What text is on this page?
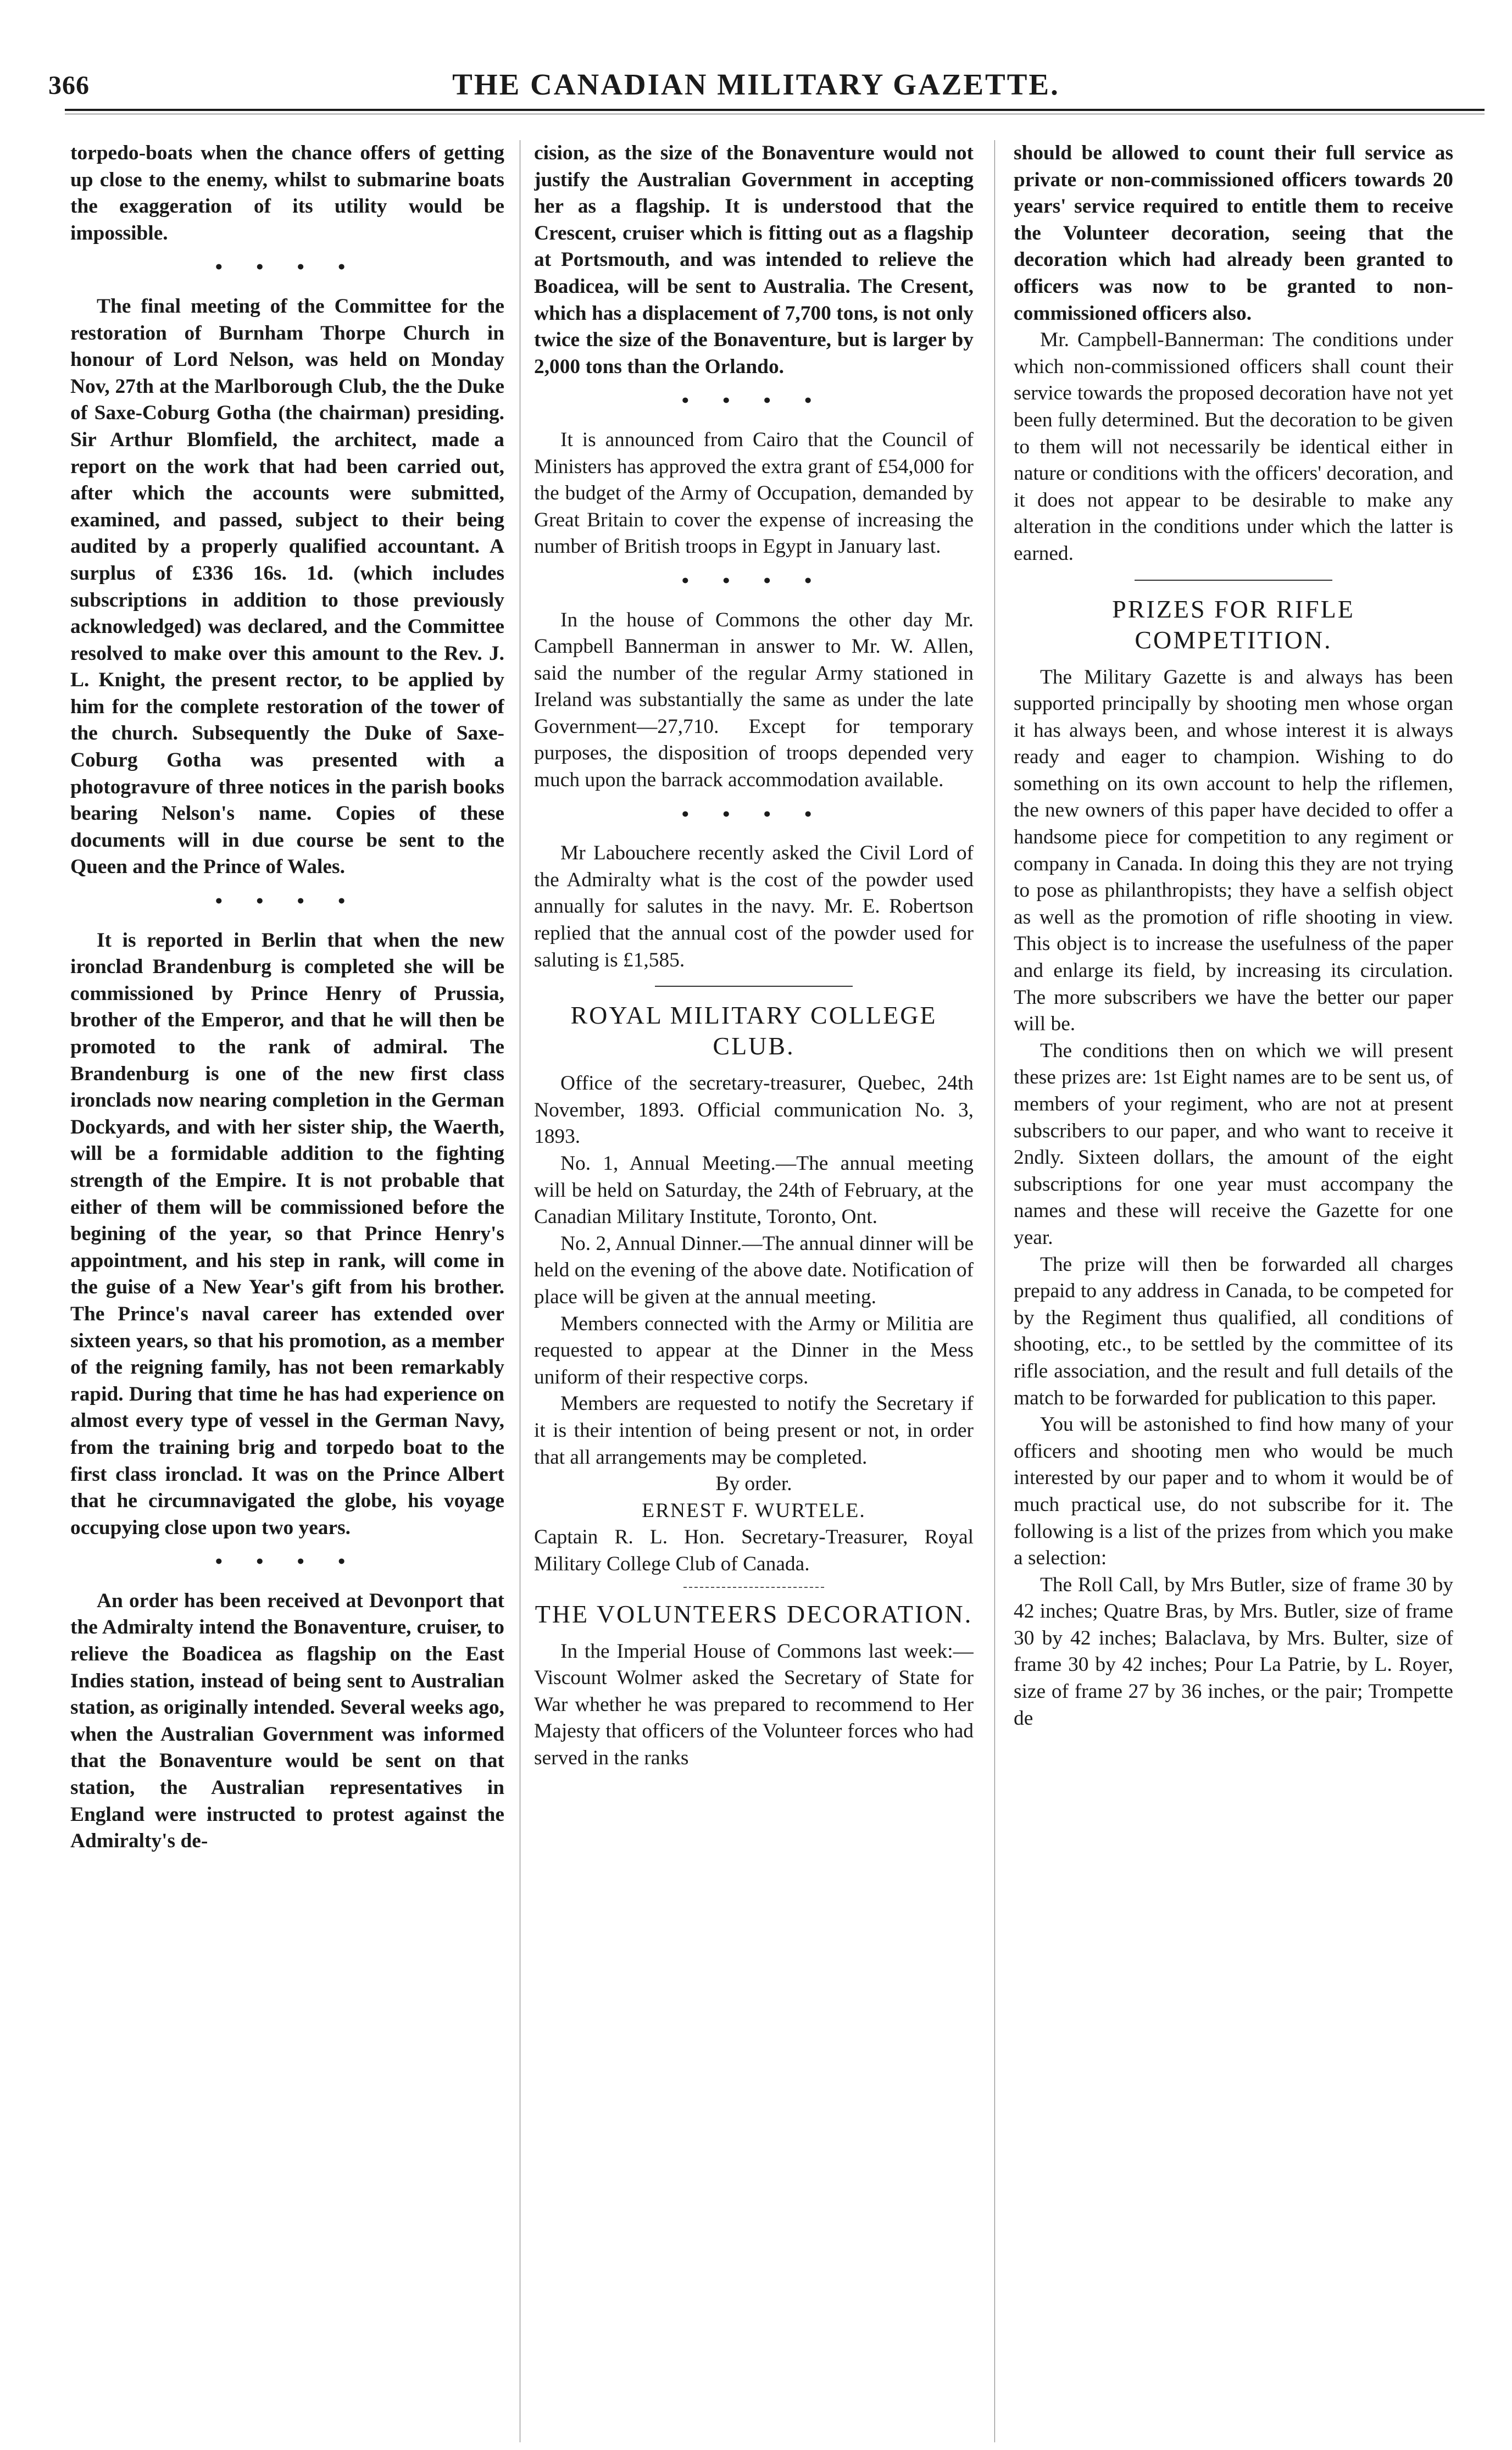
366	THE CANADIAN MILITARY GAZETTE.

torpedo-boats when the chance offers of getting up close to the enemy, whilst to submarine boats the exaggeration of its utility would be impossible.

• • • •

The final meeting of the Committee for the restoration of Burnham Thorpe Church in honour of Lord Nelson, was held on Monday Nov, 27th at the Marlborough Club, the the Duke of Saxe-Coburg Gotha (the chairman) presiding. Sir Arthur Blomfield, the architect, made a report on the work that had been carried out, after which the accounts were submitted, examined, and passed, subject to their being audited by a properly qualified accountant. A surplus of £336 16s. 1d. (which includes subscriptions in addition to those previously acknowledged) was declared, and the Committee resolved to make over this amount to the Rev. J. L. Knight, the present rector, to be applied by him for the complete restoration of the tower of the church. Subsequently the Duke of Saxe-Coburg Gotha was presented with a photogravure of three notices in the parish books bearing Nelson's name. Copies of these documents will in due course be sent to the Queen and the Prince of Wales.

• • • •

It is reported in Berlin that when the new ironclad Brandenburg is completed she will be commissioned by Prince Henry of Prussia, brother of the Emperor, and that he will then be promoted to the rank of admiral. The Brandenburg is one of the new first class ironclads now nearing completion in the German Dockyards, and with her sister ship, the Waerth, will be a formidable addition to the fighting strength of the Empire. It is not probable that either of them will be commissioned before the begining of the year, so that Prince Henry's appointment, and his step in rank, will come in the guise of a New Year's gift from his brother. The Prince's naval career has extended over sixteen years, so that his promotion, as a member of the reigning family, has not been remarkably rapid. During that time he has had experience on almost every type of vessel in the German Navy, from the training brig and torpedo boat to the first class ironclad. It was on the Prince Albert that he circumnavigated the globe, his voyage occupying close upon two years.

• • • •

An order has been received at Devonport that the Admiralty intend the Bonaventure, cruiser, to relieve the Boadicea as flagship on the East Indies station, instead of being sent to Australian station, as originally intended. Several weeks ago, when the Australian Government was informed that the Bonaventure would be sent on that station, the Australian representatives in England were instructed to protest against the Admiralty's de-

cision, as the size of the Bonaventure would not justify the Australian Government in accepting her as a flagship. It is understood that the Crescent, cruiser which is fitting out as a flagship at Portsmouth, and was intended to relieve the Boadicea, will be sent to Australia. The Cresent, which has a displacement of 7,700 tons, is not only twice the size of the Bonaventure, but is larger by 2,000 tons than the Orlando.

• • • •

It is announced from Cairo that the Council of Ministers has approved the extra grant of £54,000 for the budget of the Army of Occupation, demanded by Great Britain to cover the expense of increasing the number of British troops in Egypt in January last.

• • • •

In the house of Commons the other day Mr. Campbell Bannerman in answer to Mr. W. Allen, said the number of the regular Army stationed in Ireland was substantially the same as under the late Government—27,710. Except for temporary purposes, the disposition of troops depended very much upon the barrack accommodation available.

• • • •

Mr Labouchere recently asked the Civil Lord of the Admiralty what is the cost of the powder used annually for salutes in the navy. Mr. E. Robertson replied that the annual cost of the powder used for saluting is £1,585.

ROYAL MILITARY COLLEGE CLUB.

Office of the secretary-treasurer, Quebec, 24th November, 1893. Official communication No. 3, 1893.

No. 1, Annual Meeting.—The annual meeting will be held on Saturday, the 24th of February, at the Canadian Military Institute, Toronto, Ont.

No. 2, Annual Dinner.—The annual dinner will be held on the evening of the above date. Notification of place will be given at the annual meeting.

Members connected with the Army or Militia are requested to appear at the Dinner in the Mess uniform of their respective corps.

Members are requested to notify the Secretary if it is their intention of being present or not, in order that all arrangements may be completed.

By order.
ERNEST F. WURTELE.

Captain R. L. Hon. Secretary-Treasurer, Royal Military College Club of Canada.

THE VOLUNTEERS DECORATION.

In the Imperial House of Commons last week:—Viscount Wolmer asked the Secretary of State for War whether he was prepared to recommend to Her Majesty that officers of the Volunteer forces who had served in the ranks

should be allowed to count their full service as private or non-commissioned officers towards 20 years' service required to entitle them to receive the Volunteer decoration, seeing that the decoration which had already been granted to officers was now to be granted to non-commissioned officers also.

Mr. Campbell-Bannerman: The conditions under which non-commissioned officers shall count their service towards the proposed decoration have not yet been fully determined. But the decoration to be given to them will not necessarily be identical either in nature or conditions with the officers' decoration, and it does not appear to be desirable to make any alteration in the conditions under which the latter is earned.

PRIZES FOR RIFLE COMPETITION.

The Military Gazette is and always has been supported principally by shooting men whose organ it has always been, and whose interest it is always ready and eager to champion. Wishing to do something on its own account to help the riflemen, the new owners of this paper have decided to offer a handsome piece for competition to any regiment or company in Canada. In doing this they are not trying to pose as philanthropists; they have a selfish object as well as the promotion of rifle shooting in view. This object is to increase the usefulness of the paper and enlarge its field, by increasing its circulation. The more subscribers we have the better our paper will be.

The conditions then on which we will present these prizes are: 1st Eight names are to be sent us, of members of your regiment, who are not at present subscribers to our paper, and who want to receive it 2ndly. Sixteen dollars, the amount of the eight subscriptions for one year must accompany the names and these will receive the Gazette for one year.

The prize will then be forwarded all charges prepaid to any address in Canada, to be competed for by the Regiment thus qualified, all conditions of shooting, etc., to be settled by the committee of its rifle association, and the result and full details of the match to be forwarded for publication to this paper.

You will be astonished to find how many of your officers and shooting men who would be much interested by our paper and to whom it would be of much practical use, do not subscribe for it. The following is a list of the prizes from which you make a selection:

The Roll Call, by Mrs Butler, size of frame 30 by 42 inches; Quatre Bras, by Mrs. Butler, size of frame 30 by 42 inches; Balaclava, by Mrs. Bulter, size of frame 30 by 42 inches; Pour La Patrie, by L. Royer, size of frame 27 by 36 inches, or the pair; Trompette de
